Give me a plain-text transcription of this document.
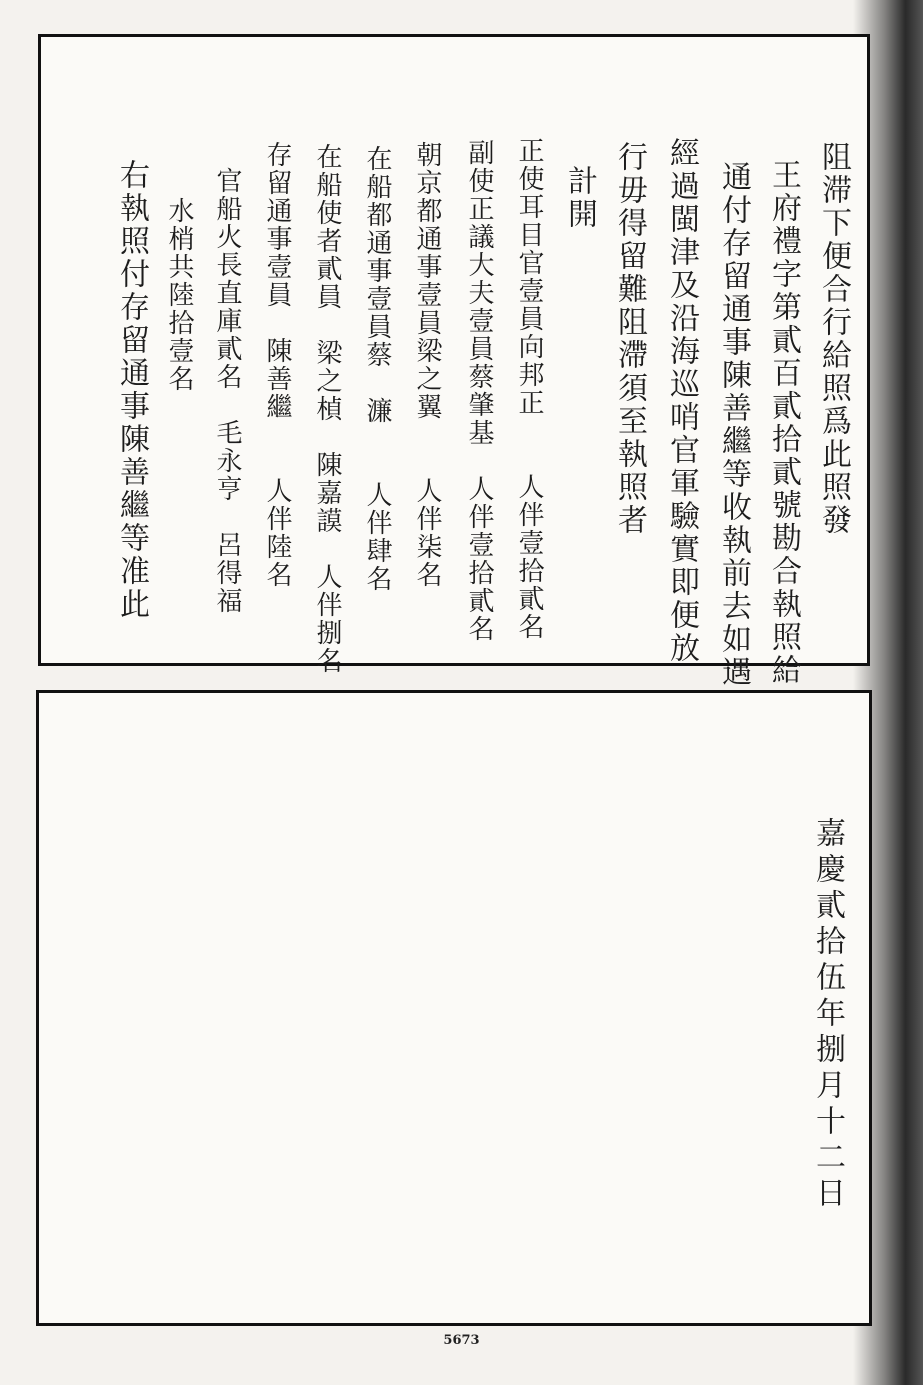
阻滞下便合行給照爲此照發
王府禮字第貳百貳拾貳號勘合執照給
通付存留通事陳善繼等收執前去如遇
經過閩津及沿海巡哨官軍驗實即便放
行毋得留難阻滯須至執照者
計開
正使耳目官壹員向邦正　　人伴壹拾貳名
副使正議大夫壹員蔡肇基　人伴壹拾貳名
朝京都通事壹員梁之翼　　人伴柒名
在船都通事壹員蔡　濂　　人伴肆名
在船使者貳員　梁之楨　陳嘉謨　人伴捌名
存留通事壹員　陳善繼　　人伴陸名
官船火長直庫貳名　毛永亨　呂得福
水梢共陸拾壹名
右執照付存留通事陳善繼等准此
嘉慶貳拾伍年捌月十二日
5673
